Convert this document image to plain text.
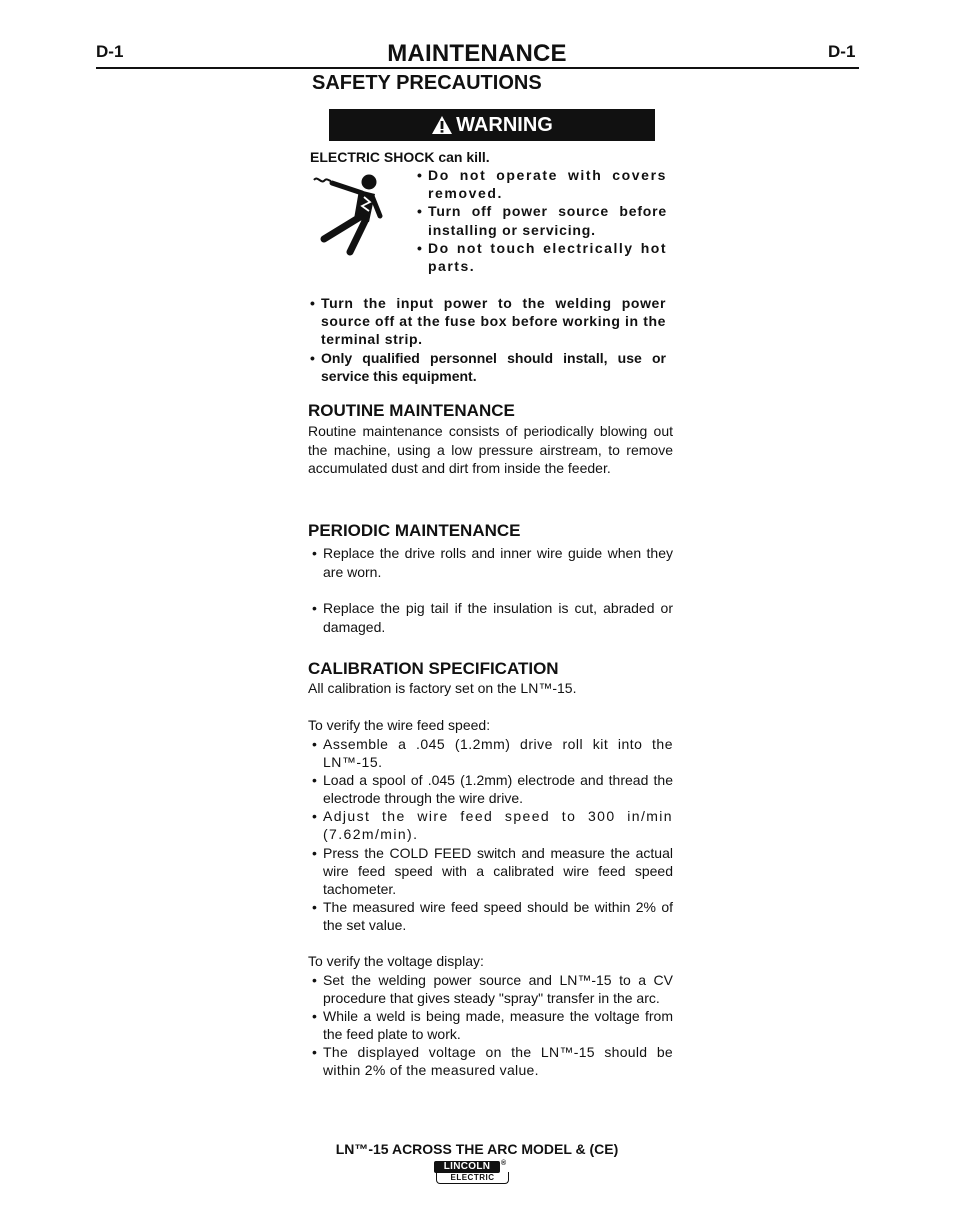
D-1	D-1
MAINTENANCE
SAFETY PRECAUTIONS
WARNING
ELECTRIC SHOCK can kill.
• Do not operate with covers removed.
• Turn off power source before installing or servicing.
• Do not touch electrically hot parts.
• Turn the input power to the welding power source off at the fuse box before working in the terminal strip.
• Only qualified personnel should install, use or service this equipment.
ROUTINE MAINTENANCE
Routine maintenance consists of periodically blowing out the machine, using a low pressure airstream, to remove accumulated dust and dirt from inside the feeder.
PERIODIC MAINTENANCE
• Replace the drive rolls and inner wire guide when they are worn.
• Replace the pig tail if the insulation is cut, abraded or damaged.
CALIBRATION SPECIFICATION
All calibration is factory set on the LN™-15.
To verify the wire feed speed:
• Assemble a .045 (1.2mm) drive roll kit into the LN™-15.
• Load a spool of .045 (1.2mm) electrode and thread the electrode through the wire drive.
• Adjust the wire feed speed to 300 in/min (7.62m/min).
• Press the COLD FEED switch and measure the actual wire feed speed with a calibrated wire feed speed tachometer.
• The measured wire feed speed should be within 2% of the set value.
To verify the voltage display:
• Set the welding power source and LN™-15 to a CV procedure that gives steady "spray" transfer in the arc.
• While a weld is being made, measure the voltage from the feed plate to work.
• The displayed voltage on the LN™-15 should be within 2% of the measured value.
LN™-15 ACROSS THE ARC MODEL & (CE)
LINCOLN	®
ELECTRIC
